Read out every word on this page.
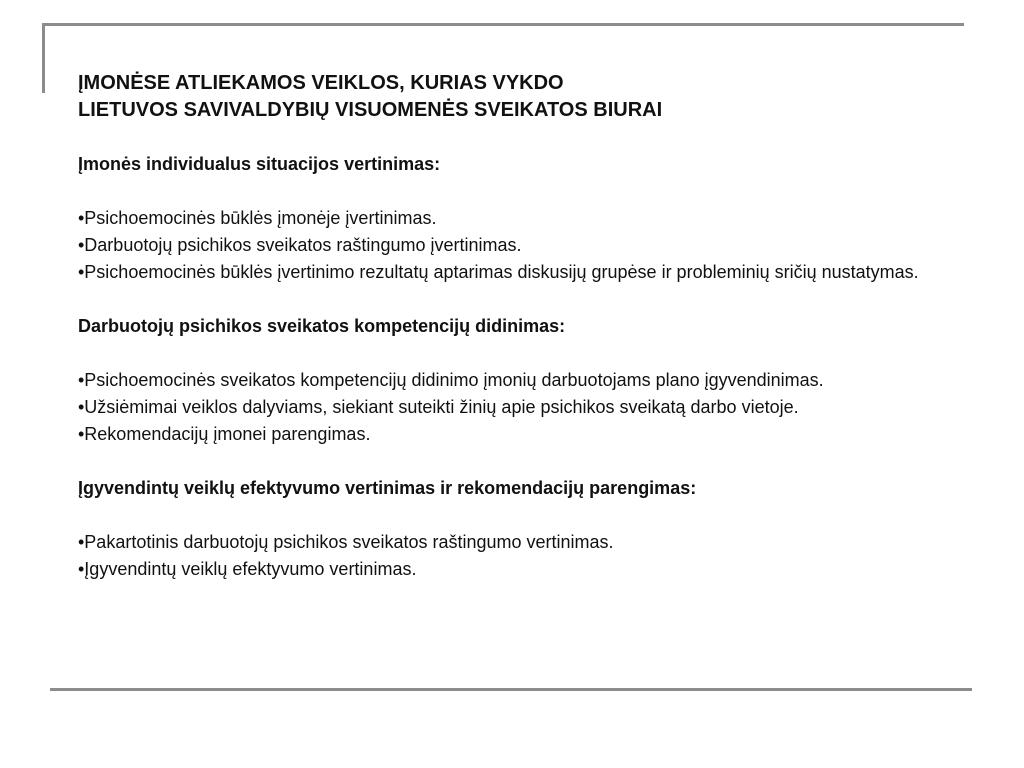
ĮMONĖSE ATLIEKAMOS VEIKLOS, KURIAS VYKDO
LIETUVOS SAVIVALDYBIŲ VISUOMENĖS SVEIKATOS BIURAI
Įmonės individualus situacijos vertinimas:
•Psichoemocinės būklės įmonėje įvertinimas.
•Darbuotojų psichikos sveikatos raštingumo įvertinimas.
•Psichoemocinės būklės įvertinimo rezultatų aptarimas diskusijų grupėse ir probleminių sričių nustatymas.
Darbuotojų psichikos sveikatos kompetencijų didinimas:
•Psichoemocinės sveikatos kompetencijų didinimo įmonių darbuotojams plano įgyvendinimas.
•Užsiėmimai veiklos dalyviams, siekiant suteikti žinių apie psichikos sveikatą darbo vietoje.
•Rekomendacijų įmonei parengimas.
Įgyvendintų veiklų efektyvumo vertinimas ir rekomendacijų parengimas:
•Pakartotinis darbuotojų psichikos sveikatos raštingumo vertinimas.
•Įgyvendintų veiklų efektyvumo vertinimas.
